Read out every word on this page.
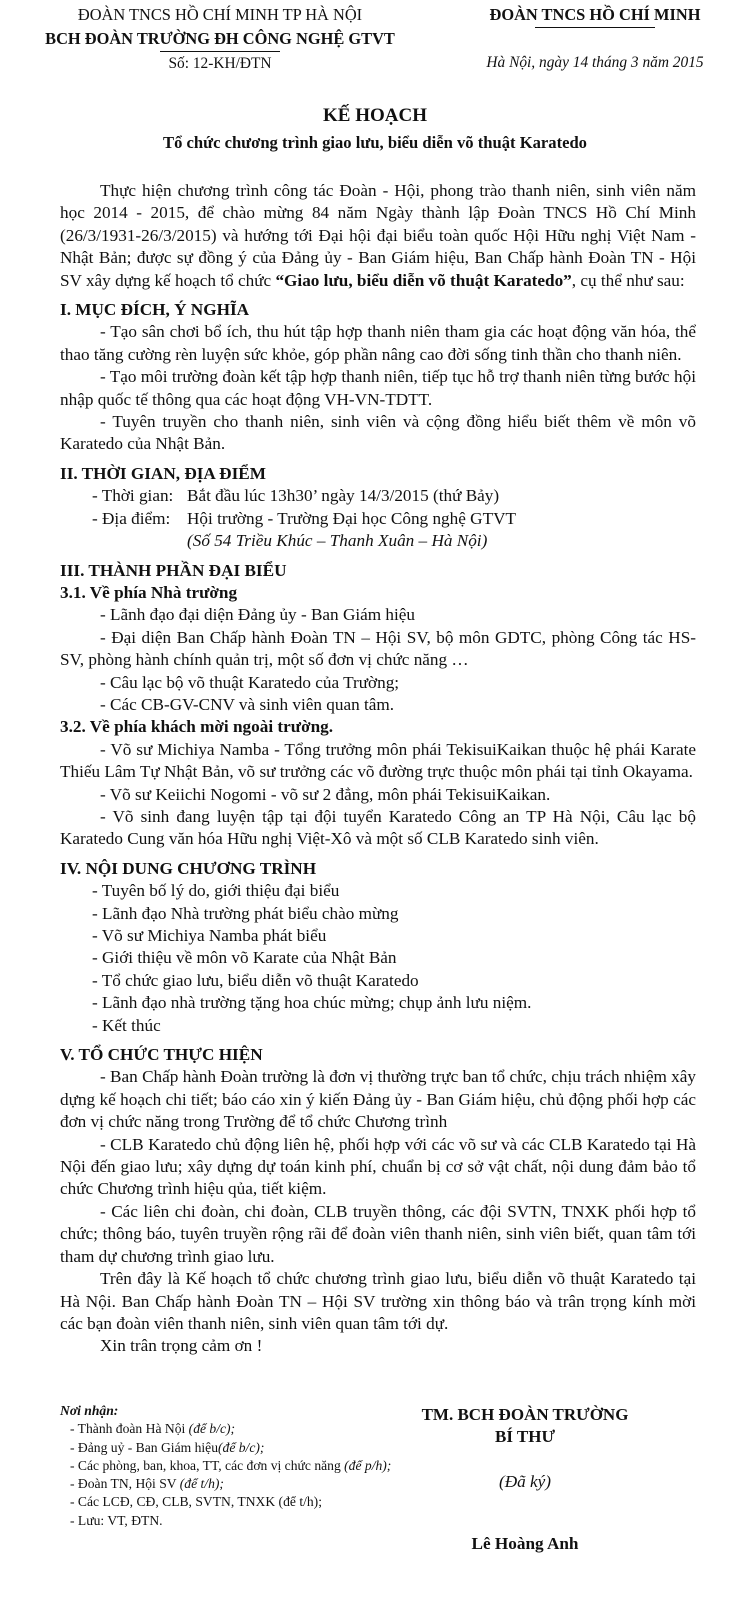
ĐOÀN TNCS HỒ CHÍ MINH TP HÀ NỘI
BCH ĐOÀN TRƯỜNG ĐH CÔNG NGHỆ GTVT
Số: 12-KH/ĐTN
ĐOÀN TNCS HỒ CHÍ MINH
Hà Nội, ngày 14 tháng 3 năm 2015
KẾ HOẠCH
Tổ chức chương trình giao lưu, biểu diễn võ thuật Karatedo

Thực hiện chương trình công tác Đoàn - Hội, phong trào thanh niên, sinh viên năm học 2014 - 2015, để chào mừng 84 năm Ngày thành lập Đoàn TNCS Hồ Chí Minh (26/3/1931-26/3/2015) và hướng tới Đại hội đại biểu toàn quốc Hội Hữu nghị Việt Nam - Nhật Bản; được sự đồng ý của Đảng ủy - Ban Giám hiệu, Ban Chấp hành Đoàn TN - Hội SV xây dựng kế hoạch tổ chức “Giao lưu, biểu diễn võ thuật Karatedo”, cụ thể như sau:

I. MỤC ĐÍCH, Ý NGHĨA

- Tạo sân chơi bổ ích, thu hút tập hợp thanh niên tham gia các hoạt động văn hóa, thể thao tăng cường rèn luyện sức khỏe, góp phần nâng cao đời sống tinh thần cho thanh niên.

- Tạo môi trường đoàn kết tập hợp thanh niên, tiếp tục hỗ trợ thanh niên từng bước hội nhập quốc tế thông qua các hoạt động VH-VN-TDTT.

- Tuyên truyền cho thanh niên, sinh viên và cộng đồng hiểu biết thêm về môn võ Karatedo của Nhật Bản.

II. THỜI GIAN, ĐỊA ĐIỂM

- Thời gian: Bắt đầu lúc 13h30’ ngày 14/3/2015 (thứ Bảy)

- Địa điểm: Hội trường - Trường Đại học Công nghệ GTVT

(Số 54 Triều Khúc – Thanh Xuân – Hà Nội)

III. THÀNH PHẦN ĐẠI BIỂU

3.1. Về phía Nhà trường

- Lãnh đạo đại diện Đảng ủy - Ban Giám hiệu

- Đại diện Ban Chấp hành Đoàn TN – Hội SV, bộ môn GDTC, phòng Công tác HS-SV, phòng hành chính quản trị, một số đơn vị chức năng …

- Câu lạc bộ võ thuật Karatedo của Trường;

- Các CB-GV-CNV và sinh viên quan tâm.

3.2. Về phía khách mời ngoài trường.

- Võ sư Michiya Namba - Tổng trưởng môn phái TekisuiKaikan thuộc hệ phái Karate Thiếu Lâm Tự Nhật Bản, võ sư trưởng các võ đường trực thuộc môn phái tại tỉnh Okayama.

- Võ sư Keiichi Nogomi - võ sư 2 đẳng, môn phái TekisuiKaikan.

- Võ sinh đang luyện tập tại đội tuyển Karatedo Công an TP Hà Nội, Câu lạc bộ Karatedo Cung văn hóa Hữu nghị Việt-Xô và một số CLB Karatedo sinh viên.

IV. NỘI DUNG CHƯƠNG TRÌNH

- Tuyên bố lý do, giới thiệu đại biểu

- Lãnh đạo Nhà trường phát biểu chào mừng

- Võ sư Michiya Namba phát biểu

- Giới thiệu về môn võ Karate của Nhật Bản

- Tổ chức giao lưu, biểu diễn võ thuật Karatedo

- Lãnh đạo nhà trường tặng hoa chúc mừng; chụp ảnh lưu niệm.

- Kết thúc

V. TỔ CHỨC THỰC HIỆN

- Ban Chấp hành Đoàn trường là đơn vị thường trực ban tổ chức, chịu trách nhiệm xây dựng kế hoạch chi tiết; báo cáo xin ý kiến Đảng ủy - Ban Giám hiệu, chủ động phối hợp các đơn vị chức năng trong Trường để tổ chức Chương trình

- CLB Karatedo chủ động liên hệ, phối hợp với các võ sư và các CLB Karatedo tại Hà Nội đến giao lưu; xây dựng dự toán kinh phí, chuẩn bị cơ sở vật chất, nội dung đảm bảo tổ chức Chương trình hiệu qủa, tiết kiệm.

- Các liên chi đoàn, chi đoàn, CLB truyền thông, các đội SVTN, TNXK phối hợp tổ chức; thông báo, tuyên truyền rộng rãi để đoàn viên thanh niên, sinh viên biết, quan tâm tới tham dự chương trình giao lưu.

Trên đây là Kế hoạch tổ chức chương trình giao lưu, biểu diễn võ thuật Karatedo tại Hà Nội. Ban Chấp hành Đoàn TN – Hội SV trường xin thông báo và trân trọng kính mời các bạn đoàn viên thanh niên, sinh viên quan tâm tới dự.

Xin trân trọng cảm ơn !

Nơi nhận:
- Thành đoàn Hà Nội (để b/c);
- Đảng uỷ - Ban Giám hiệu(để b/c);
- Các phòng, ban, khoa, TT, các đơn vị chức năng (để p/h);
- Đoàn TN, Hội SV (để t/h);
- Các LCĐ, CĐ, CLB, SVTN, TNXK (để t/h);
- Lưu: VT, ĐTN.
TM. BCH ĐOÀN TRƯỜNG
BÍ THƯ
(Đã ký)
Lê Hoàng Anh
